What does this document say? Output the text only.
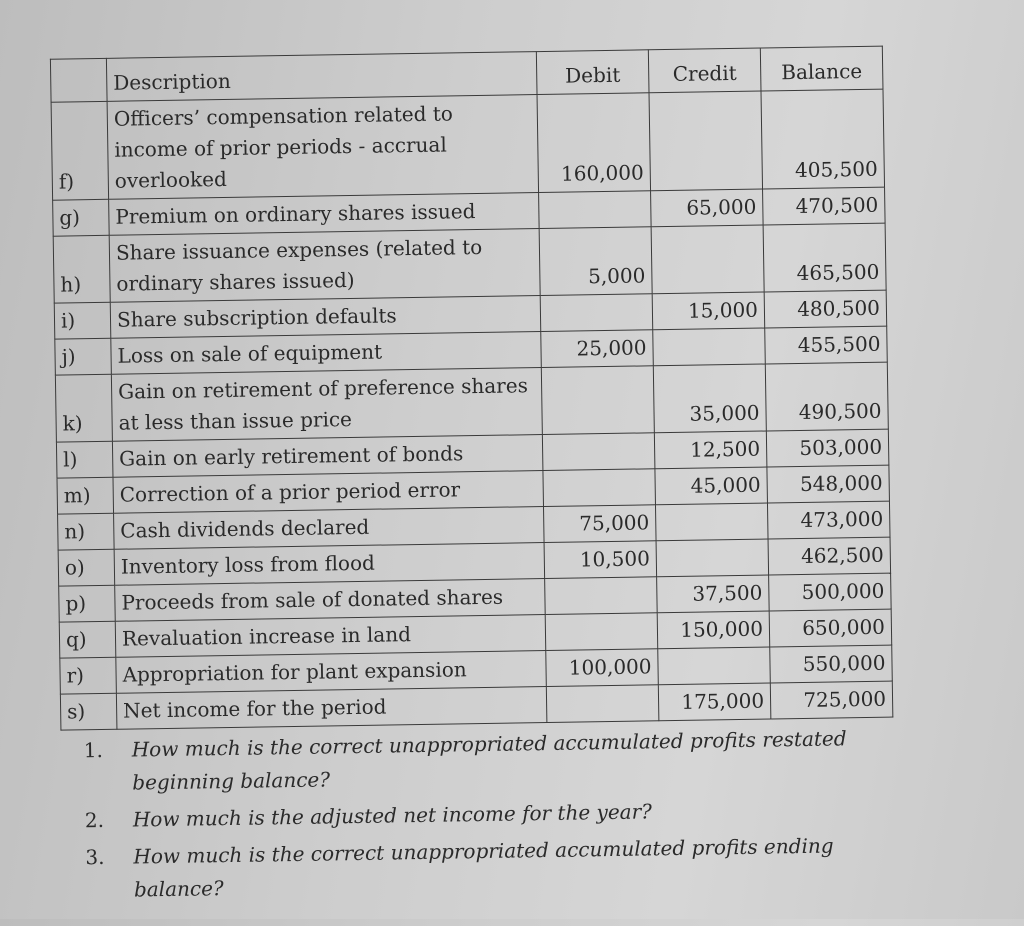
	Description	Debit	Credit	Balance
f)	Officers’ compensation related to income of prior periods - accrual overlooked	160,000		405,500
g)	Premium on ordinary shares issued		65,000	470,500
h)	Share issuance expenses (related to ordinary shares issued)	5,000		465,500
i)	Share subscription defaults		15,000	480,500
j)	Loss on sale of equipment	25,000		455,500
k)	Gain on retirement of preference shares at less than issue price		35,000	490,500
l)	Gain on early retirement of bonds		12,500	503,000
m)	Correction of a prior period error		45,000	548,000
n)	Cash dividends declared	75,000		473,000
o)	Inventory loss from flood	10,500		462,500
p)	Proceeds from sale of donated shares		37,500	500,000
q)	Revaluation increase in land		150,000	650,000
r)	Appropriation for plant expansion	100,000		550,000
s)	Net income for the period		175,000	725,000
1.	How much is the correct unappropriated accumulated profits restated beginning balance?
2.	How much is the adjusted net income for the year?
3.	How much is the correct unappropriated accumulated profits ending balance?
